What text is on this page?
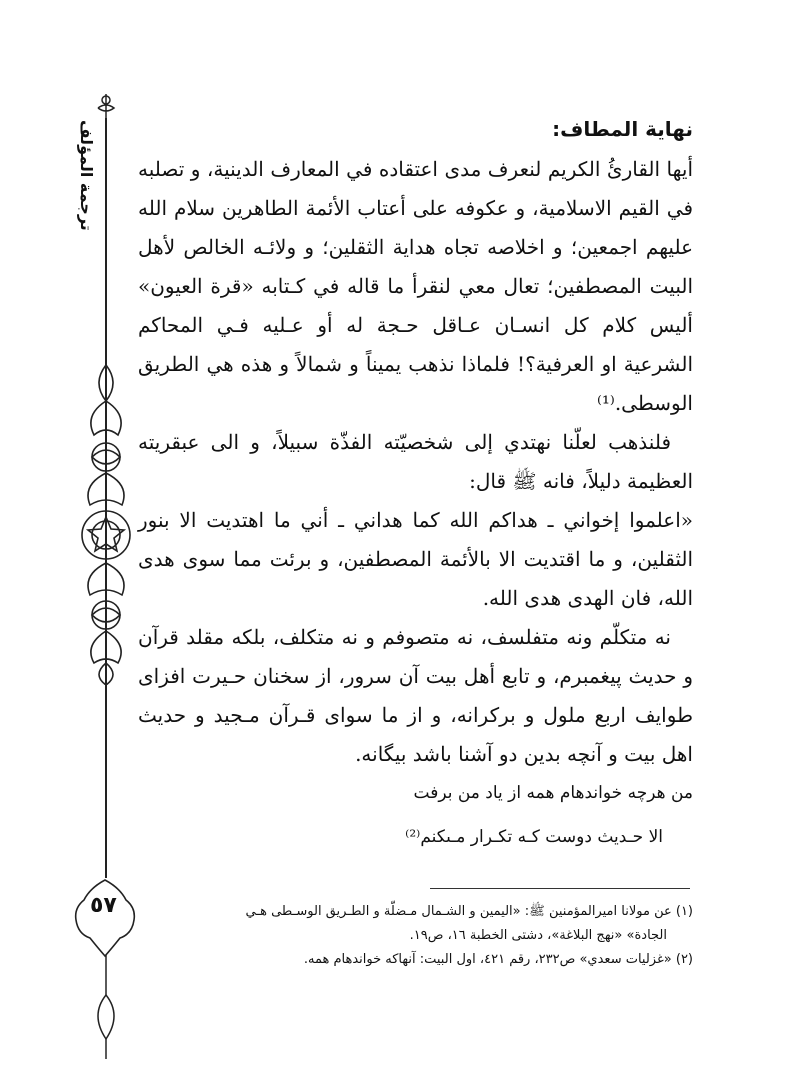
ترجمة المؤلف
٥٧

نهاية المطاف:

أيها القارئُ الكريم لنعرف مدى اعتقاده في المعارف الدينية، و تصلبه في القيم الاسلامية، و عكوفه على أعتاب الأئمة الطاهرين سلام الله عليهم اجمعين؛ و اخلاصه تجاه هداية الثقلين؛ و ولائـه الخالص لأهل البيت المصطفين؛ تعال معي لنقرأ ما قاله في كـتابه «قرة العيون» أليس كلام كل انسـان عـاقل حـجة له أو عـليه فـي المحاكم الشرعية او العرفية؟! فلماذا نذهب يميناً و شمالاً و هذه هي الطريق الوسطى.⁽¹⁾

فلنذهب لعلّنا نهتدي إلى شخصيّته الفذّة سبيلاً، و الى عبقريته العظيمة دليلاً، فانه ﷺ قال:

«اعلموا إخواني ـ هداكم الله كما هداني ـ أني ما اهتديت الا بنور الثقلين، و ما اقتديت الا بالأئمة المصطفين، و برئت مما سوى هدى الله، فان الهدى هدى الله.

نه متكلّم ونه متفلسف، نه متصوفم و نه متكلف، بلكه مقلد قرآن و حديث پيغمبرم، و تابع أهل بيت آن سرور، از سخنان حـيرت افزاى طوايف اربع ملول و بركرانه، و از ما سواى قـرآن مـجيد و حديث اهل بيت و آنچه بدين دو آشنا باشد بيگانه.

من هرچه خواندهام همه از ياد من برفت

الا حـديث دوست كـه تكـرار مـىكنم⁽²⁾

(١) عن مولانا اميرالمؤمنين ﷺ: «اليمين و الشـمال مـضلّة و الطـريق الوسـطى هـي

الجادة» «نهج البلاغة»، دشتى الخطبة ١٦، ص١٩.

(٢) «غزليات سعدي» ص٢٣٢، رقم ٤٢١، اول البيت: آنهاكه خواندهام همه.
